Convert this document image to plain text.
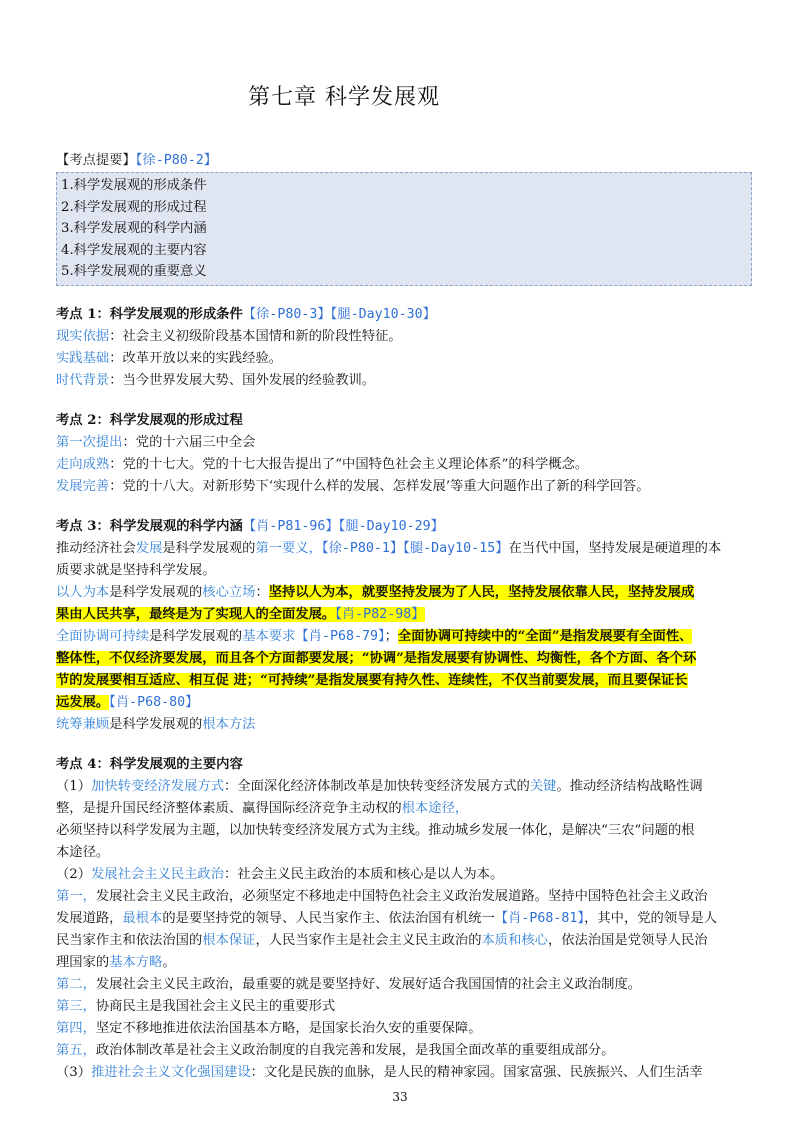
第七章 科学发展观
【考点提要】【徐-P80-2】
1.科学发展观的形成条件
2.科学发展观的形成过程
3.科学发展观的科学内涵
4.科学发展观的主要内容
5.科学发展观的重要意义
考点 1：科学发展观的形成条件【徐-P80-3】【腿-Day10-30】
现实依据：社会主义初级阶段基本国情和新的阶段性特征。
实践基础：改革开放以来的实践经验。
时代背景：当今世界发展大势、国外发展的经验教训。
考点 2：科学发展观的形成过程
第一次提出：党的十六届三中全会
走向成熟：党的十七大。党的十七大报告提出了“中国特色社会主义理论体系”的科学概念。
发展完善：党的十八大。对新形势下‘实现什么样的发展、怎样发展’等重大问题作出了新的科学回答。
考点 3：科学发展观的科学内涵【肖-P81-96】【腿-Day10-29】
推动经济社会发展是科学发展观的第一要义，【徐-P80-1】【腿-Day10-15】在当代中国，坚持发展是硬道理的本
质要求就是坚持科学发展。
以人为本是科学发展观的核心立场：坚持以人为本，就要坚持发展为了人民，坚持发展依靠人民，坚持发展成
果由人民共享，最终是为了实现人的全面发展。【肖-P82-98】
全面协调可持续是科学发展观的基本要求【肖-P68-79】；全面协调可持续中的“全面”是指发展要有全面性、
整体性，不仅经济要发展，而且各个方面都要发展；“协调”是指发展要有协调性、均衡性，各个方面、各个环
节的发展要相互适应、相互促 进；“可持续”是指发展要有持久性、连续性，不仅当前要发展，而且要保证长
远发展。【肖-P68-80】
统筹兼顾是科学发展观的根本方法
考点 4：科学发展观的主要内容
（1）加快转变经济发展方式：全面深化经济体制改革是加快转变经济发展方式的关键。推动经济结构战略性调
整，是提升国民经济整体素质、赢得国际经济竞争主动权的根本途径，
必须坚持以科学发展为主题，以加快转变经济发展方式为主线。推动城乡发展一体化，是解决“三农”问题的根
本途径。
（2）发展社会主义民主政治：社会主义民主政治的本质和核心是以人为本。
第一，发展社会主义民主政治，必须坚定不移地走中国特色社会主义政治发展道路。坚持中国特色社会主义政治
发展道路，最根本的是要坚持党的领导、人民当家作主、依法治国有机统一【肖-P68-81】，其中，党的领导是人
民当家作主和依法治国的根本保证，人民当家作主是社会主义民主政治的本质和核心，依法治国是党领导人民治
理国家的基本方略。
第二，发展社会主义民主政治，最重要的就是要坚持好、发展好适合我国国情的社会主义政治制度。
第三，协商民主是我国社会主义民主的重要形式
第四，坚定不移地推进依法治国基本方略，是国家长治久安的重要保障。
第五，政治体制改革是社会主义政治制度的自我完善和发展，是我国全面改革的重要组成部分。
（3）推进社会主义文化强国建设：文化是民族的血脉，是人民的精神家园。国家富强、民族振兴、人们生活幸
33
